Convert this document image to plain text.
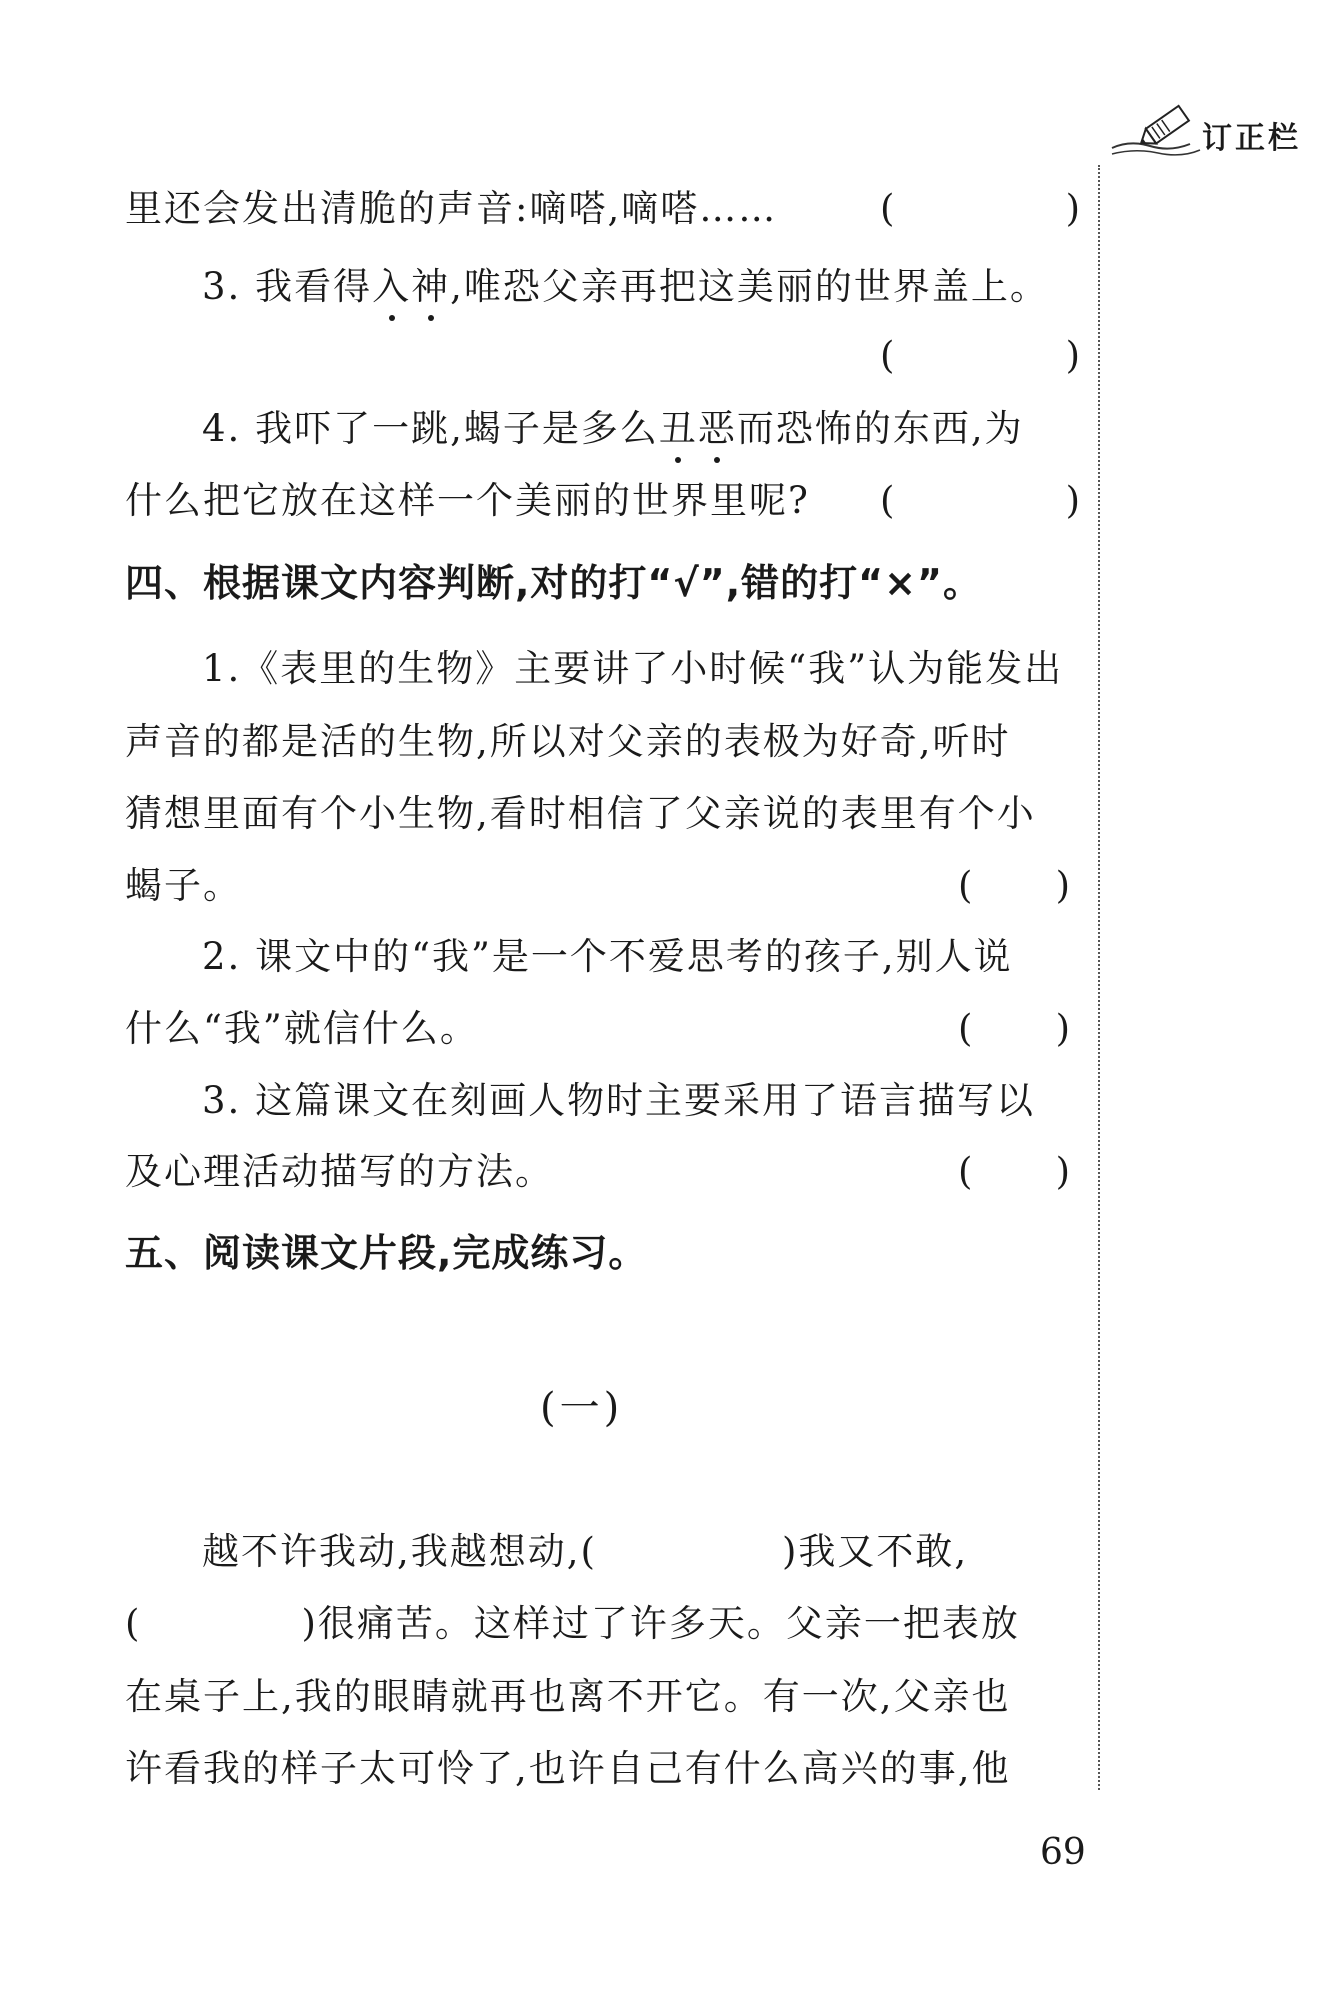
订正栏
里还会发出清脆的声音:嘀嗒,嘀嗒……	(	)
3. 我看得入神,唯恐父亲再把这美丽的世界盖上。
(	)
4. 我吓了一跳,蝎子是多么丑恶而恐怖的东西,为
什么把它放在这样一个美丽的世界里呢?	(	)
四、根据课文内容判断,对的打“√”,错的打“×”。
1.《表里的生物》主要讲了小时候“我”认为能发出
声音的都是活的生物,所以对父亲的表极为好奇,听时
猜想里面有个小生物,看时相信了父亲说的表里有个小
蝎子。	( )
2. 课文中的“我”是一个不爱思考的孩子,别人说
什么“我”就信什么。	( )
3. 这篇课文在刻画人物时主要采用了语言描写以
及心理活动描写的方法。	( )
五、阅读课文片段,完成练习。
(一)
越不许我动,我越想动,(	)我又不敢,
(	)很痛苦。这样过了许多天。父亲一把表放
在桌子上,我的眼睛就再也离不开它。有一次,父亲也
许看我的样子太可怜了,也许自己有什么高兴的事,他
69
